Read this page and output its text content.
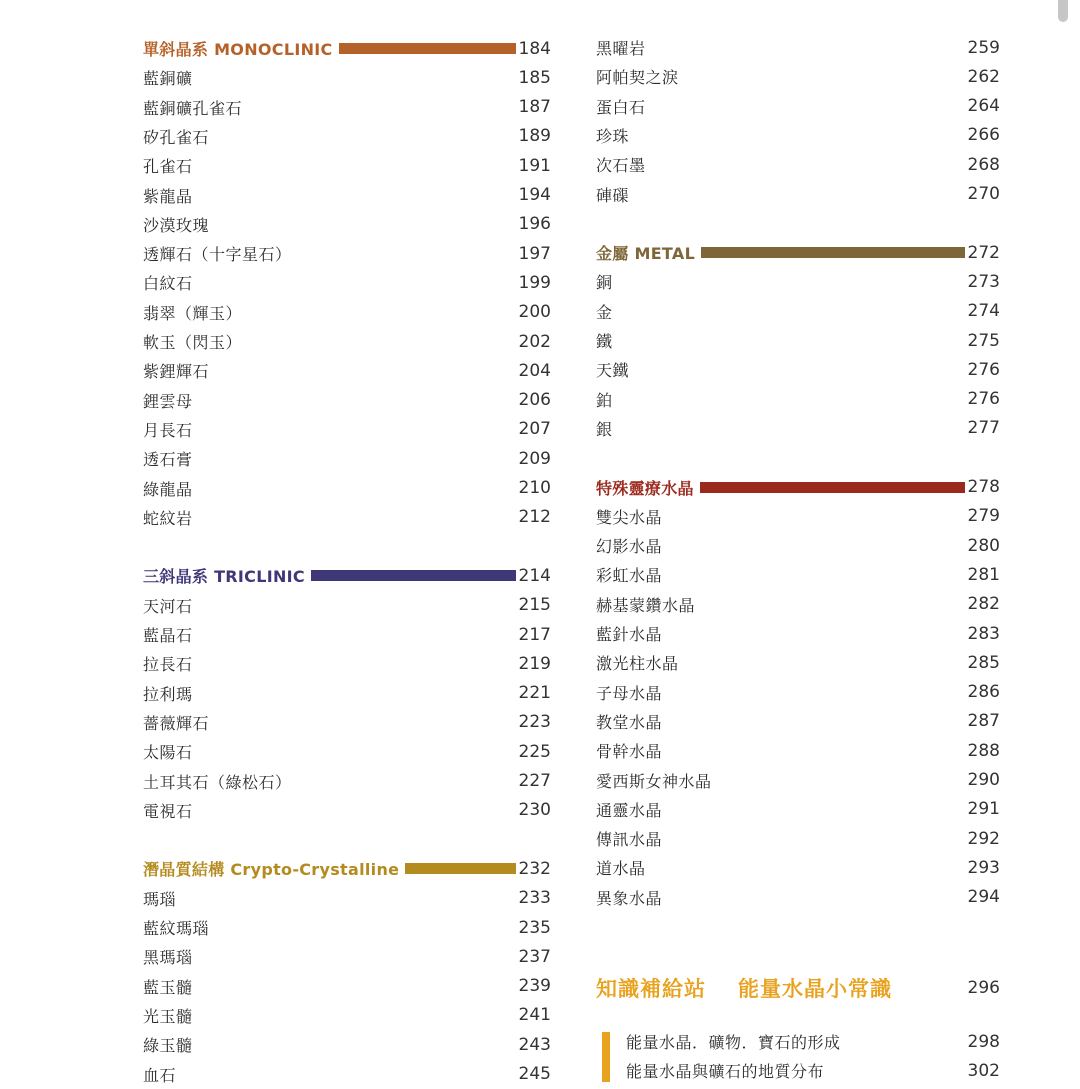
單斜晶系 MONOCLINIC	184
藍銅礦	185
藍銅礦孔雀石	187
矽孔雀石	189
孔雀石	191
紫龍晶	194
沙漠玫瑰	196
透輝石（十字星石）	197
白紋石	199
翡翠（輝玉）	200
軟玉（閃玉）	202
紫鋰輝石	204
鋰雲母	206
月長石	207
透石膏	209
綠龍晶	210
蛇紋岩	212
三斜晶系 TRICLINIC	214
天河石	215
藍晶石	217
拉長石	219
拉利瑪	221
薔薇輝石	223
太陽石	225
土耳其石（綠松石）	227
電視石	230
潛晶質結構 Crypto-Crystalline	232
瑪瑙	233
藍紋瑪瑙	235
黑瑪瑙	237
藍玉髓	239
光玉髓	241
綠玉髓	243
血石	245
黑曜岩	259
阿帕契之淚	262
蛋白石	264
珍珠	266
次石墨	268
硨磲	270
金屬 METAL	272
銅	273
金	274
鐵	275
天鐵	276
鉑	276
銀	277
特殊靈療水晶	278
雙尖水晶	279
幻影水晶	280
彩虹水晶	281
赫基蒙鑽水晶	282
藍針水晶	283
激光柱水晶	285
子母水晶	286
教堂水晶	287
骨幹水晶	288
愛西斯女神水晶	290
通靈水晶	291
傳訊水晶	292
道水晶	293
異象水晶	294
知識補給站 能量水晶小常識	296
能量水晶．礦物．寶石的形成	298
能量水晶與礦石的地質分布	302
